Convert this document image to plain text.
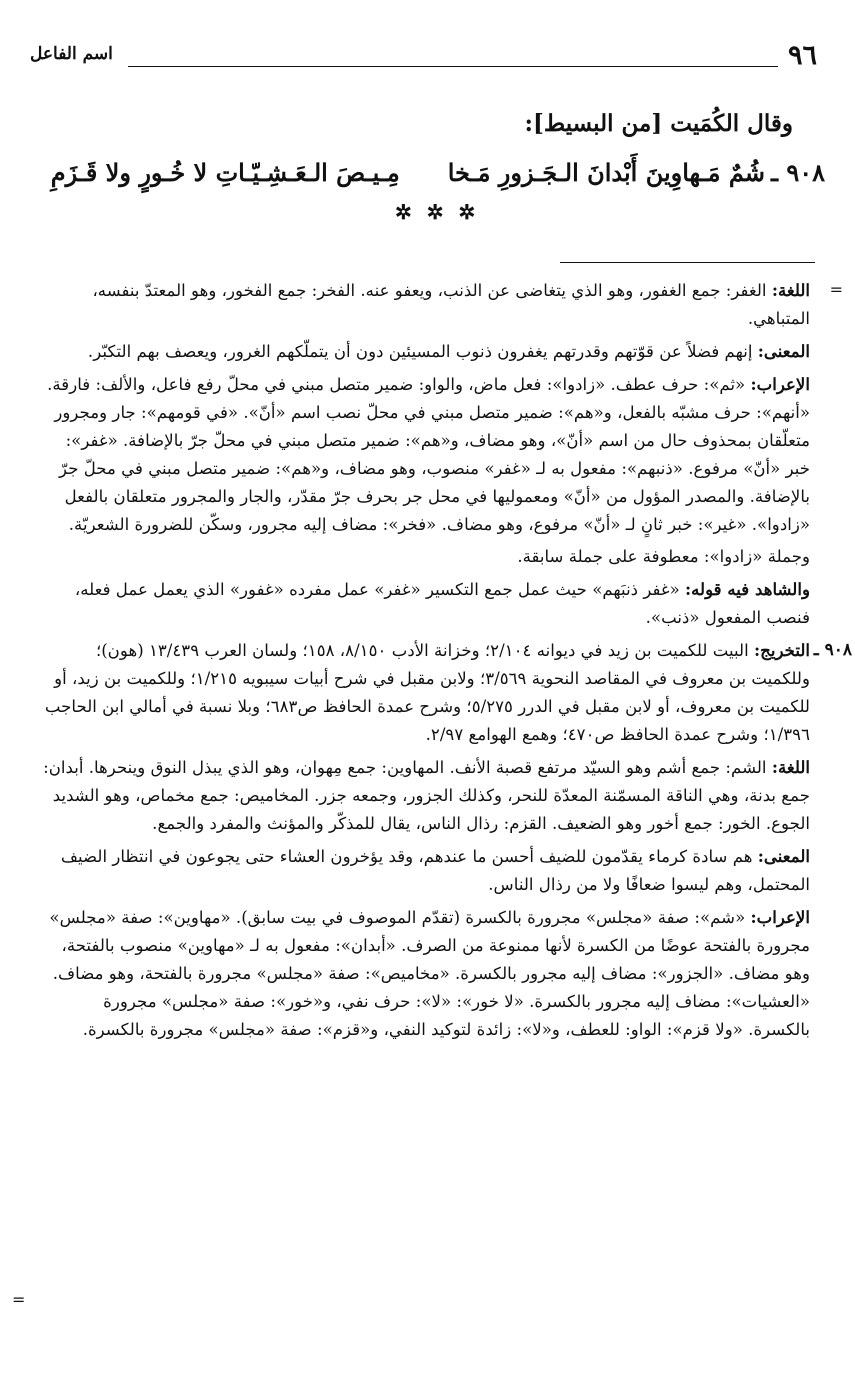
٩٦
اسم الفاعل
وقال الكُمَيت [من البسيط]:
٩٠٨ ـشُمٌ مَـهاوِينَ أَبْدانَ الـجَـزورِ مَـخامِـيـصَ الـعَـشِـيّـاتِ لا خُـورٍ ولا قَـزَمِ
✲ ✲ ✲

=
اللغة: الغفر: جمع الغفور، وهو الذي يتغاضى عن الذنب، ويعفو عنه. الفخر: جمع الفخور، وهو المعتدّ بنفسه، المتباهي.

المعنى: إنهم فضلاً عن قوّتهم وقدرتهم يغفرون ذنوب المسيئين دون أن يتملّكهم الغرور، ويعصف بهم التكبّر.

الإعراب: «ثم»: حرف عطف. «زادوا»: فعل ماض، والواو: ضمير متصل مبني في محلّ رفع فاعل، والألف: فارقة. «أنهم»: حرف مشبّه بالفعل، و«هم»: ضمير متصل مبني في محلّ نصب اسم «أنّ». «في قومهم»: جار ومجرور متعلّقان بمحذوف حال من اسم «أنّ»، وهو مضاف، و«هم»: ضمير متصل مبني في محلّ جرّ بالإضافة. «غفر»: خبر «أنّ» مرفوع. «ذنبهم»: مفعول به لـ «غفر» منصوب، وهو مضاف، و«هم»: ضمير متصل مبني في محلّ جرّ بالإضافة. والمصدر المؤول من «أنّ» ومعموليها في محل جر بحرف جرّ مقدّر، والجار والمجرور متعلقان بالفعل «زادوا». «غير»: خبر ثانٍ لـ «أنّ» مرفوع، وهو مضاف. «فخر»: مضاف إليه مجرور، وسكّن للضرورة الشعريّة.

وجملة «زادوا»: معطوفة على جملة سابقة.

والشاهد فيه قوله: «غفر ذنبَهم» حيث عمل جمع التكسير «غفر» عمل مفرده «غفور» الذي يعمل عمل فعله، فنصب المفعول «ذنب».

٩٠٨ ـ
التخريج: البيت للكميت بن زيد في ديوانه ٢/١٠٤؛ وخزانة الأدب ٨/١٥٠، ١٥٨؛ ولسان العرب ١٣/٤٣٩ (هون)؛ وللكميت بن معروف في المقاصد النحوية ٣/٥٦٩؛ ولابن مقبل في شرح أبيات سيبويه ١/٢١٥؛ وللكميت بن زيد، أو للكميت بن معروف، أو لابن مقبل في الدرر ٥/٢٧٥؛ وشرح عمدة الحافظ ص٦٨٣؛ وبلا نسبة في أمالي ابن الحاجب ١/٣٩٦؛ وشرح عمدة الحافظ ص٤٧٠؛ وهمع الهوامع ٢/٩٧.

اللغة: الشم: جمع أشم وهو السيّد مرتفع قصبة الأنف. المهاوين: جمع مِهوان، وهو الذي يبذل النوق وينحرها. أبدان: جمع بدنة، وهي الناقة المسمّنة المعدّة للنحر، وكذلك الجزور، وجمعه جزر. المخاميص: جمع مخماص، وهو الشديد الجوع. الخور: جمع أخور وهو الضعيف. القزم: رذال الناس، يقال للمذكّر والمؤنث والمفرد والجمع.

المعنى: هم سادة كرماء يقدّمون للضيف أحسن ما عندهم، وقد يؤخرون العشاء حتى يجوعون في انتظار الضيف المحتمل، وهم ليسوا ضعافًا ولا من رذال الناس.

الإعراب: «شم»: صفة «مجلس» مجرورة بالكسرة (تقدّم الموصوف في بيت سابق). «مهاوين»: صفة «مجلس» مجرورة بالفتحة عوضًا من الكسرة لأنها ممنوعة من الصرف. «أبدان»: مفعول به لـ «مهاوين» منصوب بالفتحة، وهو مضاف. «الجزور»: مضاف إليه مجرور بالكسرة. «مخاميص»: صفة «مجلس» مجرورة بالفتحة، وهو مضاف. «العشيات»: مضاف إليه مجرور بالكسرة. «لا خور»: «لا»: حرف نفي، و«خور»: صفة «مجلس» مجرورة بالكسرة. «ولا قزم»: الواو: للعطف، و«لا»: زائدة لتوكيد النفي، و«قزم»: صفة «مجلس» مجرورة بالكسرة.

=
